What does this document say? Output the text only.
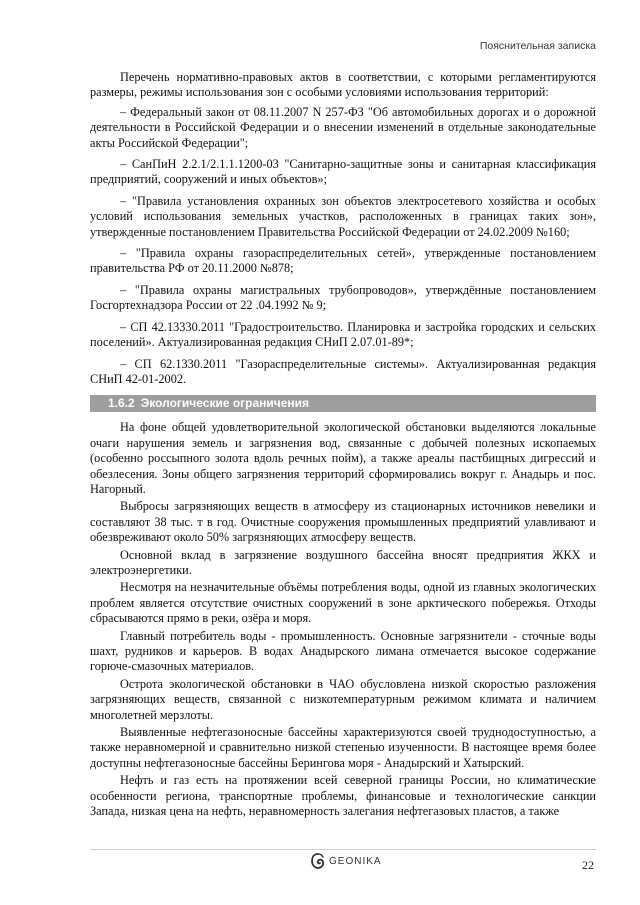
Пояснительная записка

Перечень нормативно-правовых актов в соответствии, с которыми регламентируются размеры, режимы использования зон с особыми условиями использования территорий:

– Федеральный закон от 08.11.2007 N 257-ФЗ "Об автомобильных дорогах и о дорожной деятельности в Российской Федерации и о внесении изменений в отдельные законодательные акты Российской Федерации";
– СанПиН 2.2.1/2.1.1.1200-03 "Санитарно-защитные зоны и санитарная классификация предприятий, сооружений и иных объектов»;
– "Правила установления охранных зон объектов электросетевого хозяйства и особых условий использования земельных участков, расположенных в границах таких зон», утвержденные постановлением Правительства Российской Федерации от 24.02.2009 №160;
– "Правила охраны газораспределительных сетей», утвержденные постановлением правительства РФ от 20.11.2000 №878;
– "Правила охраны магистральных трубопроводов», утверждённые постановлением Госгортехнадзора России от 22 .04.1992 № 9;
– СП 42.13330.2011 "Градостроительство. Планировка и застройка городских и сельских поселений». Актуализированная редакция СНиП 2.07.01-89*;
– СП 62.1330.2011 "Газораспределительные системы». Актуализированная редакция СНиП 42-01-2002.
1.6.2 Экологические ограничения

На фоне общей удовлетворительной экологической обстановки выделяются локальные очаги нарушения земель и загрязнения вод, связанные с добычей полезных ископаемых (особенно россыпного золота вдоль речных пойм), а также ареалы пастбищных дигрессий и обезлесения. Зоны общего загрязнения территорий сформировались вокруг г. Анадырь и пос. Нагорный.

Выбросы загрязняющих веществ в атмосферу из стационарных источников невелики и составляют 38 тыс. т в год. Очистные сооружения промышленных предприятий улавливают и обезвреживают около 50% загрязняющих атмосферу веществ.

Основной вклад в загрязнение воздушного бассейна вносят предприятия ЖКХ и электроэнергетики.

Несмотря на незначительные объёмы потребления воды, одной из главных экологических проблем является отсутствие очистных сооружений в зоне арктического побережья. Отходы сбрасываются прямо в реки, озёра и моря.

Главный потребитель воды - промышленность. Основные загрязнители - сточные воды шахт, рудников и карьеров. В водах Анадырского лимана отмечается высокое содержание горюче-смазочных материалов.

Острота экологической обстановки в ЧАО обусловлена низкой скоростью разложения загрязняющих веществ, связанной с низкотемпературным режимом климата и наличием многолетней мерзлоты.

Выявленные нефтегазоносные бассейны характеризуются своей труднодоступностью, а также неравномерной и сравнительно низкой степенью изученности. В настоящее время более доступны нефтегазоносные бассейны Берингова моря - Анадырский и Хатырский.

Нефть и газ есть на протяжении всей северной границы России, но климатические особенности региона, транспортные проблемы, финансовые и технологические санкции Запада, низкая цена на нефть, неравномерность залегания нефтегазовых пластов, а также

GEONIKA	22
